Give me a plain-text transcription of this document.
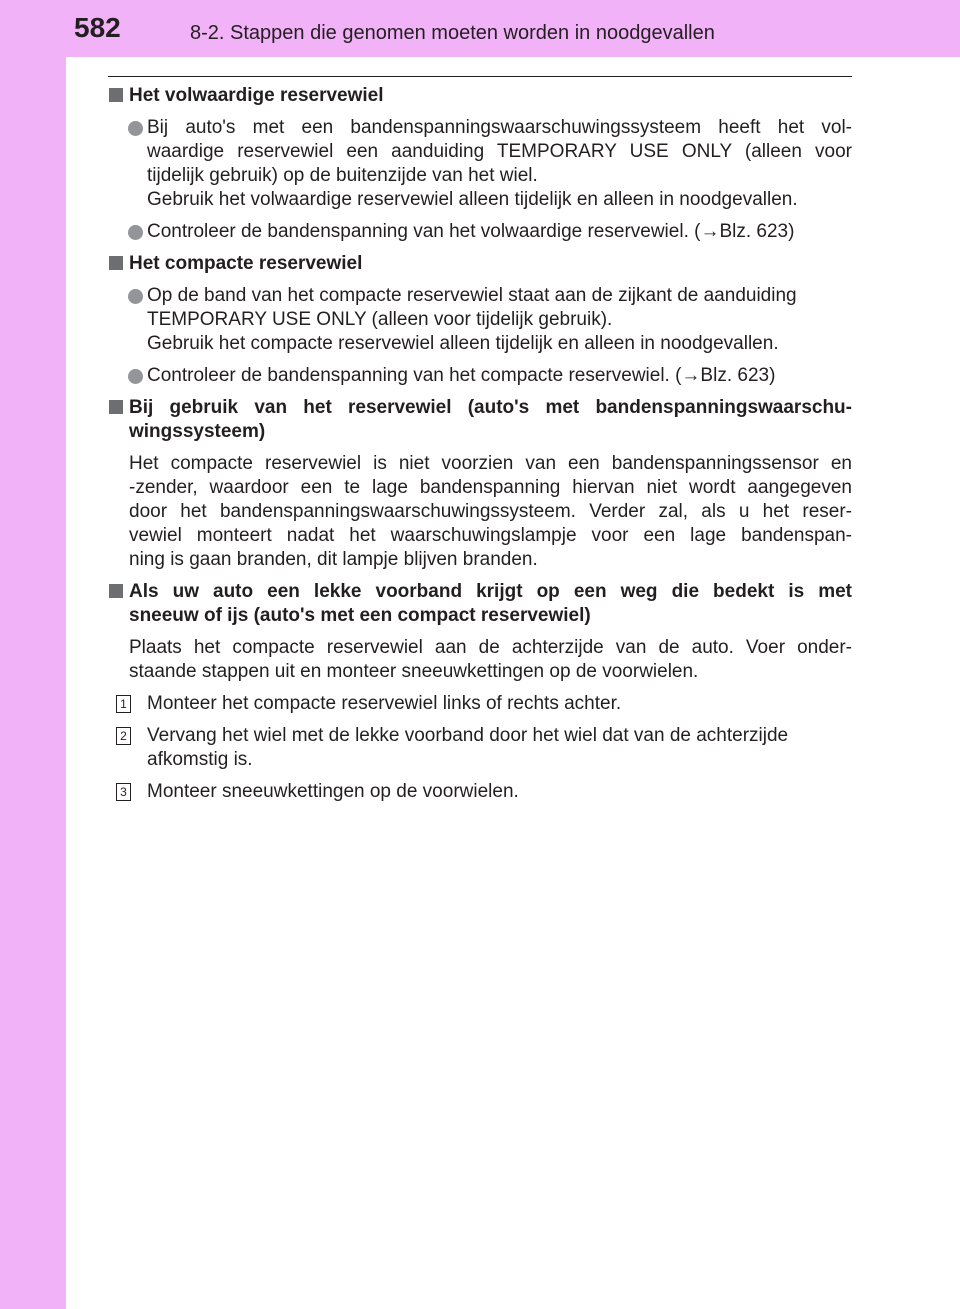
582	8-2. Stappen die genomen moeten worden in noodgevallen
Het volwaardige reservewiel
Bij auto's met een bandenspanningswaarschuwingssysteem heeft het vol-
waardige reservewiel een aanduiding TEMPORARY USE ONLY (alleen voor
tijdelijk gebruik) op de buitenzijde van het wiel.
Gebruik het volwaardige reservewiel alleen tijdelijk en alleen in noodgevallen.
Controleer de bandenspanning van het volwaardige reservewiel. (→Blz. 623)
Het compacte reservewiel
Op de band van het compacte reservewiel staat aan de zijkant de aanduiding
TEMPORARY USE ONLY (alleen voor tijdelijk gebruik).
Gebruik het compacte reservewiel alleen tijdelijk en alleen in noodgevallen.
Controleer de bandenspanning van het compacte reservewiel. (→Blz. 623)
Bij gebruik van het reservewiel (auto's met bandenspanningswaarschu-
wingssysteem)
Het compacte reservewiel is niet voorzien van een bandenspanningssensor en
-zender, waardoor een te lage bandenspanning hiervan niet wordt aangegeven
door het bandenspanningswaarschuwingssysteem. Verder zal, als u het reser-
vewiel monteert nadat het waarschuwingslampje voor een lage bandenspan-
ning is gaan branden, dit lampje blijven branden.
Als uw auto een lekke voorband krijgt op een weg die bedekt is met
sneeuw of ijs (auto's met een compact reservewiel)
Plaats het compacte reservewiel aan de achterzijde van de auto. Voer onder-
staande stappen uit en monteer sneeuwkettingen op de voorwielen.
1 Monteer het compacte reservewiel links of rechts achter.
2 Vervang het wiel met de lekke voorband door het wiel dat van de achterzijde
afkomstig is.
3 Monteer sneeuwkettingen op de voorwielen.
